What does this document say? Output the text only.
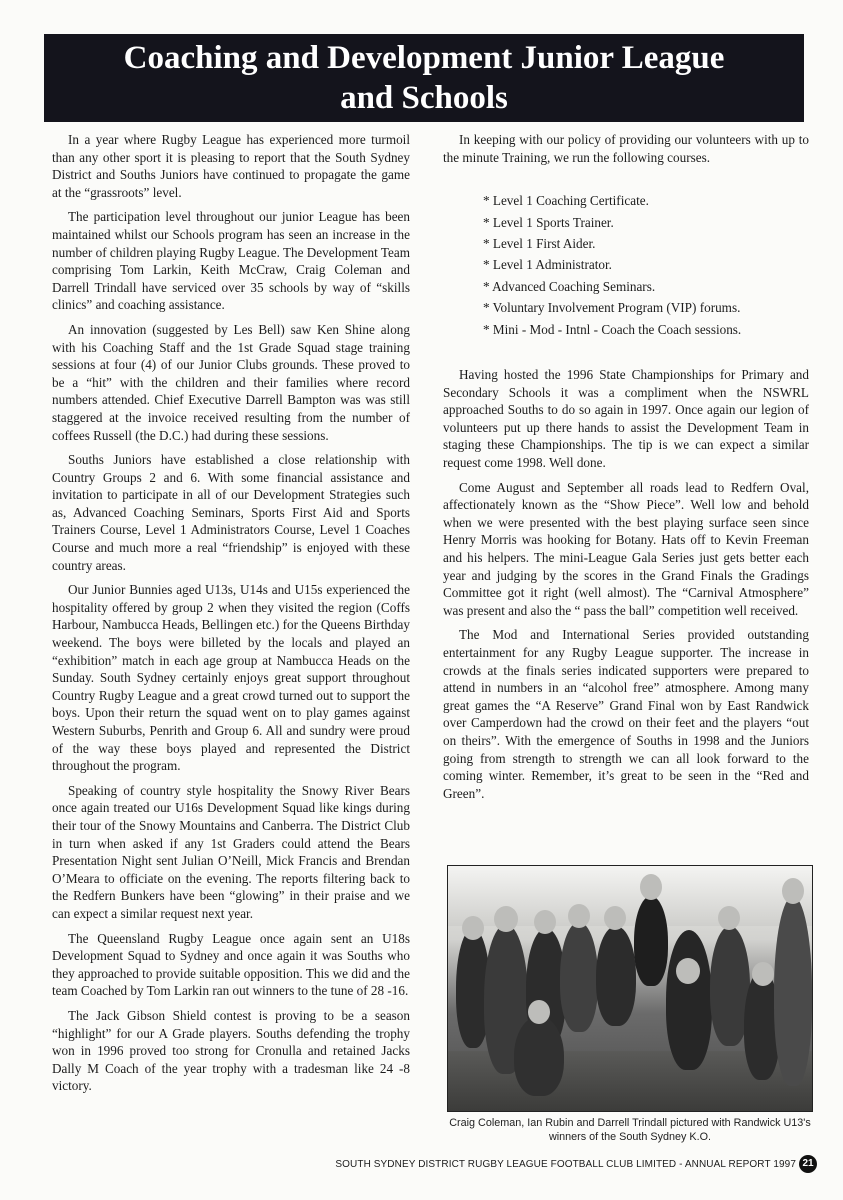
Coaching and Development Junior League
and Schools

In a year where Rugby League has experienced more turmoil than any other sport it is pleasing to report that the South Sydney District and Souths Juniors have continued to propagate the game at the “grassroots” level.

The participation level throughout our junior League has been maintained whilst our Schools program has seen an increase in the number of children playing Rugby League. The Development Team comprising Tom Larkin, Keith McCraw, Craig Coleman and Darrell Trindall have serviced over 35 schools by way of “skills clinics” and coaching assistance.

An innovation (suggested by Les Bell) saw Ken Shine along with his Coaching Staff and the 1st Grade Squad stage training sessions at four (4) of our Junior Clubs grounds. These proved to be a “hit” with the children and their families where record numbers attended. Chief Executive Darrell Bampton was was still staggered at the invoice received resulting from the number of coffees Russell (the D.C.) had during these sessions.

Souths Juniors have established a close relationship with Country Groups 2 and 6. With some financial assistance and invitation to participate in all of our Development Strategies such as, Advanced Coaching Seminars, Sports First Aid and Sports Trainers Course, Level 1 Administrators Course, Level 1 Coaches Course and much more a real “friendship” is enjoyed with these country areas.

Our Junior Bunnies aged U13s, U14s and U15s experienced the hospitality offered by group 2 when they visited the region (Coffs Harbour, Nambucca Heads, Bellingen etc.) for the Queens Birthday weekend. The boys were billeted by the locals and played an “exhibition” match in each age group at Nambucca Heads on the Sunday. South Sydney certainly enjoys great support throughout Country Rugby League and a great crowd turned out to support the boys. Upon their return the squad went on to play games against Western Suburbs, Penrith and Group 6. All and sundry were proud of the way these boys played and represented the District throughout the program.

Speaking of country style hospitality the Snowy River Bears once again treated our U16s Development Squad like kings during their tour of the Snowy Mountains and Canberra. The District Club in turn when asked if any 1st Graders could attend the Bears Presentation Night sent Julian O’Neill, Mick Francis and Brendan O’Meara to officiate on the evening. The reports filtering back to the Redfern Bunkers have been “glowing” in their praise and we can expect a similar request next year.

The Queensland Rugby League once again sent an U18s Development Squad to Sydney and once again it was Souths who they approached to provide suitable opposition. This we did and the team Coached by Tom Larkin ran out winners to the tune of 28 -16.

The Jack Gibson Shield contest is proving to be a season “highlight” for our A Grade players. Souths defending the trophy won in 1996 proved too strong for Cronulla and retained Jacks Dally M Coach of the year trophy with a tradesman like 24 -8 victory.

In keeping with our policy of providing our volunteers with up to the minute Training, we run the following courses.

* Level 1 Coaching Certificate.
* Level 1 Sports Trainer.
* Level 1 First Aider.
* Level 1 Administrator.
* Advanced Coaching Seminars.
* Voluntary Involvement Program (VIP) forums.
* Mini - Mod - Intnl - Coach the Coach sessions.

Having hosted the 1996 State Championships for Primary and Secondary Schools it was a compliment when the NSWRL approached Souths to do so again in 1997. Once again our legion of volunteers put up there hands to assist the Development Team in staging these Championships. The tip is we can expect a similar request come 1998. Well done.

Come August and September all roads lead to Redfern Oval, affectionately known as the “Show Piece”. Well low and behold when we were presented with the best playing surface seen since Henry Morris was hooking for Botany. Hats off to Kevin Freeman and his helpers. The mini-League Gala Series just gets better each year and judging by the scores in the Grand Finals the Gradings Committee got it right (well almost). The “Carnival Atmosphere” was present and also the “ pass the ball” competition well received.

The Mod and International Series provided outstanding entertainment for any Rugby League supporter. The increase in crowds at the finals series indicated supporters were prepared to attend in numbers in an “alcohol free” atmosphere. Among many great games the “A Reserve” Grand Final won by East Randwick over Camperdown had the crowd on their feet and the players “out on theirs”. With the emergence of Souths in 1998 and the Juniors going from strength to strength we can all look forward to the coming winter. Remember, it’s great to be seen in the “Red and Green”.

Craig Coleman, Ian Rubin and Darrell Trindall pictured with Randwick U13's winners of the South Sydney K.O.
SOUTH SYDNEY DISTRICT RUGBY LEAGUE FOOTBALL CLUB LIMITED - ANNUAL REPORT 1997 21
